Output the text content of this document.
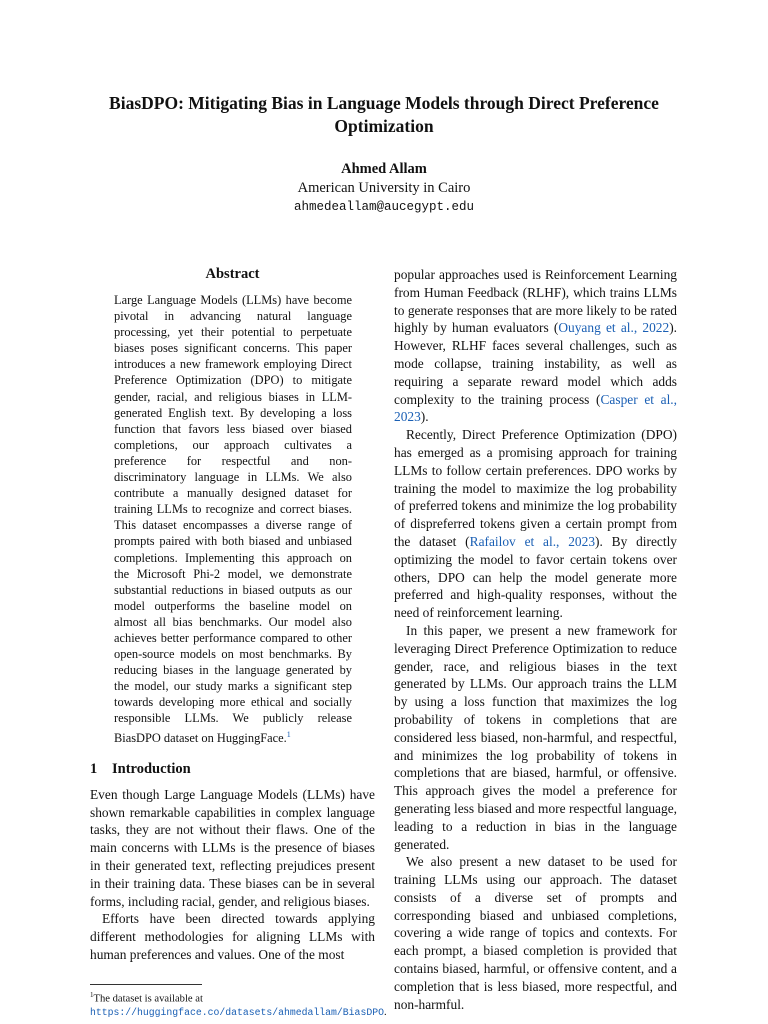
BiasDPO: Mitigating Bias in Language Models through Direct Preference
Optimization
Ahmed Allam
American University in Cairo
ahmedeallam@aucegypt.edu
Abstract

Large Language Models (LLMs) have become pivotal in advancing natural language processing, yet their potential to perpetuate biases poses significant concerns. This paper introduces a new framework employing Direct Preference Optimization (DPO) to mitigate gender, racial, and religious biases in LLM-generated English text. By developing a loss function that favors less biased over biased completions, our approach cultivates a preference for respectful and non-discriminatory language in LLMs. We also contribute a manually designed dataset for training LLMs to recognize and correct biases. This dataset encompasses a diverse range of prompts paired with both biased and unbiased completions. Implementing this approach on the Microsoft Phi-2 model, we demonstrate substantial reductions in biased outputs as our model outperforms the baseline model on almost all bias benchmarks. Our model also achieves better performance compared to other open-source models on most benchmarks. By reducing biases in the language generated by the model, our study marks a significant step towards developing more ethical and socially responsible LLMs. We publicly release BiasDPO dataset on HuggingFace.$^1$

1 Introduction

Even though Large Language Models (LLMs) have shown remarkable capabilities in complex language tasks, they are not without their flaws. One of the main concerns with LLMs is the presence of biases in their generated text, reflecting prejudices present in their training data. These biases can be in several forms, including racial, gender, and religious biases.

Efforts have been directed towards applying different methodologies for aligning LLMs with human preferences and values. One of the most

$^1$The dataset is available at https://huggingface.co/datasets/ahmedallam/BiasDPO.

popular approaches used is Reinforcement Learning from Human Feedback (RLHF), which trains LLMs to generate responses that are more likely to be rated highly by human evaluators (Ouyang et al., 2022). However, RLHF faces several challenges, such as mode collapse, training instability, as well as requiring a separate reward model which adds complexity to the training process (Casper et al., 2023).

Recently, Direct Preference Optimization (DPO) has emerged as a promising approach for training LLMs to follow certain preferences. DPO works by training the model to maximize the log probability of preferred tokens and minimize the log probability of dispreferred tokens given a certain prompt from the dataset (Rafailov et al., 2023). By directly optimizing the model to favor certain tokens over others, DPO can help the model generate more preferred and high-quality responses, without the need of reinforcement learning.

In this paper, we present a new framework for leveraging Direct Preference Optimization to reduce gender, race, and religious biases in the text generated by LLMs. Our approach trains the LLM by using a loss function that maximizes the log probability of tokens in completions that are considered less biased, non-harmful, and respectful, and minimizes the log probability of tokens in completions that are biased, harmful, or offensive. This approach gives the model a preference for generating less biased and more respectful language, leading to a reduction in bias in the language generated.

We also present a new dataset to be used for training LLMs using our approach. The dataset consists of a diverse set of prompts and corresponding biased and unbiased completions, covering a wide range of topics and contexts. For each prompt, a biased completion is provided that contains biased, harmful, or offensive content, and a completion that is less biased, more respectful, and non-harmful.
